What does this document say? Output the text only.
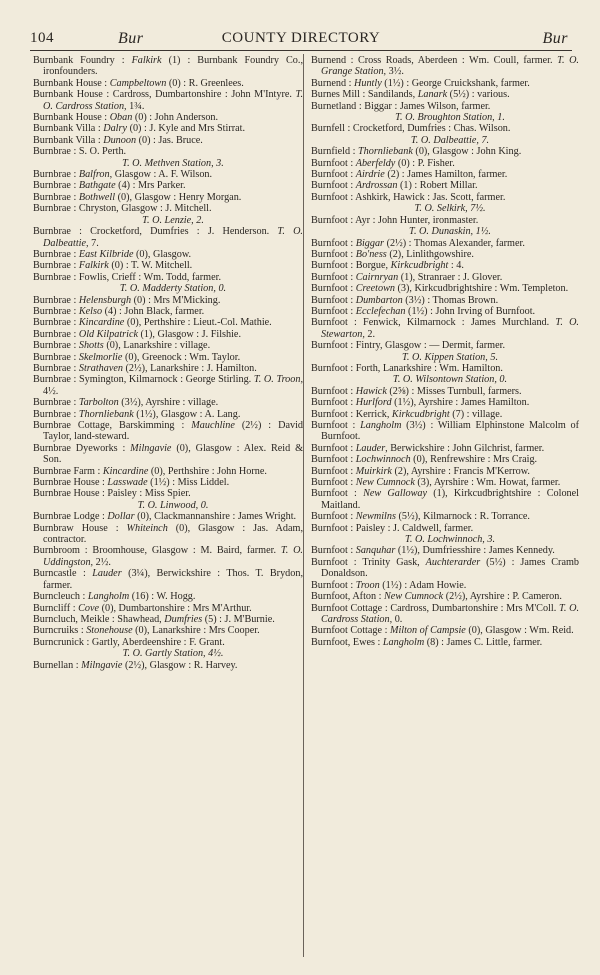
104	Bur	COUNTY DIRECTORY	Bur

Burnbank Foundry : Falkirk (1) : Burnbank Foundry Co., ironfounders.

Burnbank House : Campbeltown (0) : R. Greenlees.

Burnbank House : Cardross, Dumbartonshire : John M'Intyre. T. O. Cardross Station, 1¾.

Burnbank House : Oban (0) : John Anderson.

Burnbank Villa : Dalry (0) : J. Kyle and Mrs Stirrat.

Burnbank Villa : Dunoon (0) : Jas. Bruce.

Burnbrae : S. O. Perth.
T. O. Methven Station, 3.

Burnbrae : Balfron, Glasgow : A. F. Wilson.

Burnbrae : Bathgate (4) : Mrs Parker.

Burnbrae : Bothwell (0), Glasgow : Henry Morgan.

Burnbrae : Chryston, Glasgow : J. Mitchell.
T. O. Lenzie, 2.

Burnbrae : Crocketford, Dumfries : J. Henderson. T. O. Dalbeattie, 7.

Burnbrae : East Kilbride (0), Glasgow.

Burnbrae : Falkirk (0) : T. W. Mitchell.

Burnbrae : Fowlis, Crieff : Wm. Todd, farmer.
T. O. Madderty Station, 0.

Burnbrae : Helensburgh (0) : Mrs M'Micking.

Burnbrae : Kelso (4) : John Black, farmer.

Burnbrae : Kincardine (0), Perthshire : Lieut.-Col. Mathie.

Burnbrae : Old Kilpatrick (1), Glasgow : J. Filshie.

Burnbrae : Shotts (0), Lanarkshire : village.

Burnbrae : Skelmorlie (0), Greenock : Wm. Taylor.

Burnbrae : Strathaven (2½), Lanarkshire : J. Hamilton.

Burnbrae : Symington, Kilmarnock : George Stirling. T. O. Troon, 4½.

Burnbrae : Tarbolton (3½), Ayrshire : village.

Burnbrae : Thornliebank (1½), Glasgow : A. Lang.

Burnbrae Cottage, Barskimming : Mauchline (2½) : David Taylor, land-steward.

Burnbrae Dyeworks : Milngavie (0), Glasgow : Alex. Reid & Son.

Burnbrae Farm : Kincardine (0), Perthshire : John Horne.

Burnbrae House : Lasswade (1½) : Miss Liddel.

Burnbrae House : Paisley : Miss Spier.
T. O. Linwood, 0.

Burnbrae Lodge : Dollar (0), Clackmannanshire : James Wright.

Burnbraw House : Whiteinch (0), Glasgow : Jas. Adam, contractor.

Burnbroom : Broomhouse, Glasgow : M. Baird, farmer. T. O. Uddingston, 2½.

Burncastle : Lauder (3¼), Berwickshire : Thos. T. Brydon, farmer.

Burncleuch : Langholm (16) : W. Hogg.

Burncliff : Cove (0), Dumbartonshire : Mrs M'Arthur.

Burncluch, Meikle : Shawhead, Dumfries (5) : J. M'Burnie.

Burncruiks : Stonehouse (0), Lanarkshire : Mrs Cooper.

Burncrunick : Gartly, Aberdeenshire : F. Grant.
T. O. Gartly Station, 4½.

Burnellan : Milngavie (2½), Glasgow : R. Harvey.

Burnend : Cross Roads, Aberdeen : Wm. Coull, farmer. T. O. Grange Station, 3½.

Burnend : Huntly (1½) : George Cruickshank, farmer.

Burnes Mill : Sandilands, Lanark (5½) : various.

Burnetland : Biggar : James Wilson, farmer.
T. O. Broughton Station, 1.

Burnfell : Crocketford, Dumfries : Chas. Wilson.
T. O. Dalbeattie, 7.

Burnfield : Thornliebank (0), Glasgow : John King.

Burnfoot : Aberfeldy (0) : P. Fisher.

Burnfoot : Airdrie (2) : James Hamilton, farmer.

Burnfoot : Ardrossan (1) : Robert Millar.

Burnfoot : Ashkirk, Hawick : Jas. Scott, farmer.
T. O. Selkirk, 7½.

Burnfoot : Ayr : John Hunter, ironmaster.
T. O. Dunaskin, 1½.

Burnfoot : Biggar (2½) : Thomas Alexander, farmer.

Burnfoot : Bo'ness (2), Linlithgowshire.

Burnfoot : Borgue, Kirkcudbright : 4.

Burnfoot : Cairnryan (1), Stranraer : J. Glover.

Burnfoot : Creetown (3), Kirkcudbrightshire : Wm. Templeton.

Burnfoot : Dumbarton (3½) : Thomas Brown.

Burnfoot : Ecclefechan (1½) : John Irving of Burnfoot.

Burnfoot : Fenwick, Kilmarnock : James Murchland. T. O. Stewarton, 2.

Burnfoot : Fintry, Glasgow : — Dermit, farmer.
T. O. Kippen Station, 5.

Burnfoot : Forth, Lanarkshire : Wm. Hamilton.
T. O. Wilsontown Station, 0.

Burnfoot : Hawick (2⅝) : Misses Turnbull, farmers.

Burnfoot : Hurlford (1½), Ayrshire : James Hamilton.

Burnfoot : Kerrick, Kirkcudbright (7) : village.

Burnfoot : Langholm (3½) : William Elphinstone Malcolm of Burnfoot.

Burnfoot : Lauder, Berwickshire : John Gilchrist, farmer.

Burnfoot : Lochwinnoch (0), Renfrewshire : Mrs Craig.

Burnfoot : Muirkirk (2), Ayrshire : Francis M'Kerrow.

Burnfoot : New Cumnock (3), Ayrshire : Wm. Howat, farmer.

Burnfoot : New Galloway (1), Kirkcudbrightshire : Colonel Maitland.

Burnfoot : Newmilns (5½), Kilmarnock : R. Torrance.

Burnfoot : Paisley : J. Caldwell, farmer.
T. O. Lochwinnoch, 3.

Burnfoot : Sanquhar (1½), Dumfriesshire : James Kennedy.

Burnfoot : Trinity Gask, Auchterarder (5½) : James Cramb Donaldson.

Burnfoot : Troon (1½) : Adam Howie.

Burnfoot, Afton : New Cumnock (2½), Ayrshire : P. Cameron.

Burnfoot Cottage : Cardross, Dumbartonshire : Mrs M'Coll. T. O. Cardross Station, 0.

Burnfoot Cottage : Milton of Campsie (0), Glasgow : Wm. Reid.

Burnfoot, Ewes : Langholm (8) : James C. Little, farmer.
